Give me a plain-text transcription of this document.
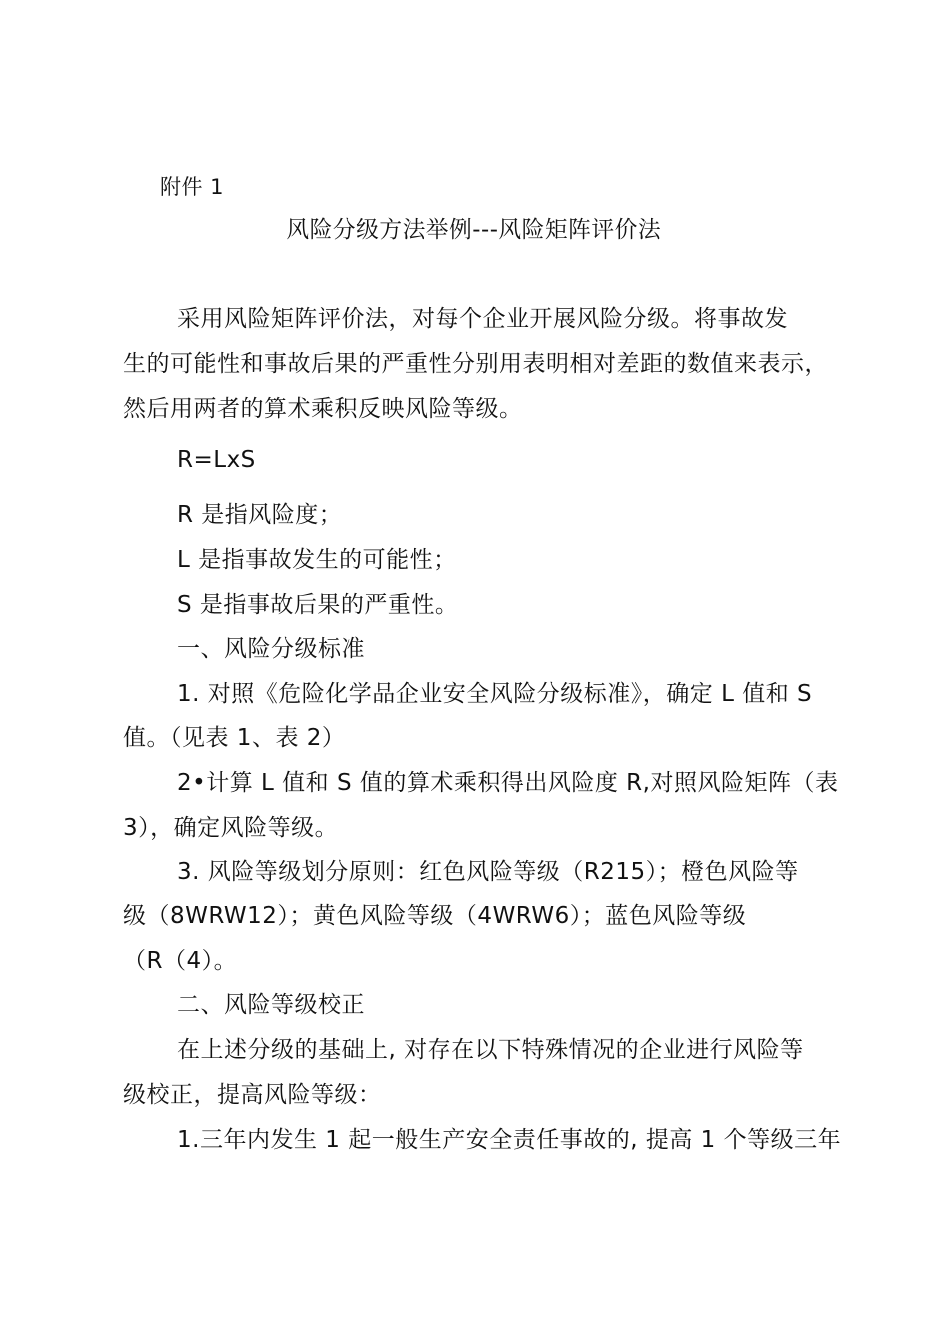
附件 1
风险分级方法举例---风险矩阵评价法
采用风险矩阵评价法，对每个企业开展风险分级。将事故发
生的可能性和事故后果的严重性分别用表明相对差距的数值来表示，
然后用两者的算术乘积反映风险等级。
R=LxS
R 是指风险度；
L 是指事故发生的可能性；
S 是指事故后果的严重性。
一、风险分级标准
1. 对照《危险化学品企业安全风险分级标准》，确定 L 值和 S
值。（见表 1、表 2）
2•计算 L 值和 S 值的算术乘积得出风险度 R,对照风险矩阵（表
3），确定风险等级。
3. 风险等级划分原则：红色风险等级（R215）；橙色风险等
级（8WRW12）；黄色风险等级（4WRW6）；蓝色风险等级
（R（4）。
二、风险等级校正
在上述分级的基础上, 对存在以下特殊情况的企业进行风险等
级校正，提高风险等级：
1.三年内发生 1 起一般生产安全责任事故的, 提高 1 个等级三年
